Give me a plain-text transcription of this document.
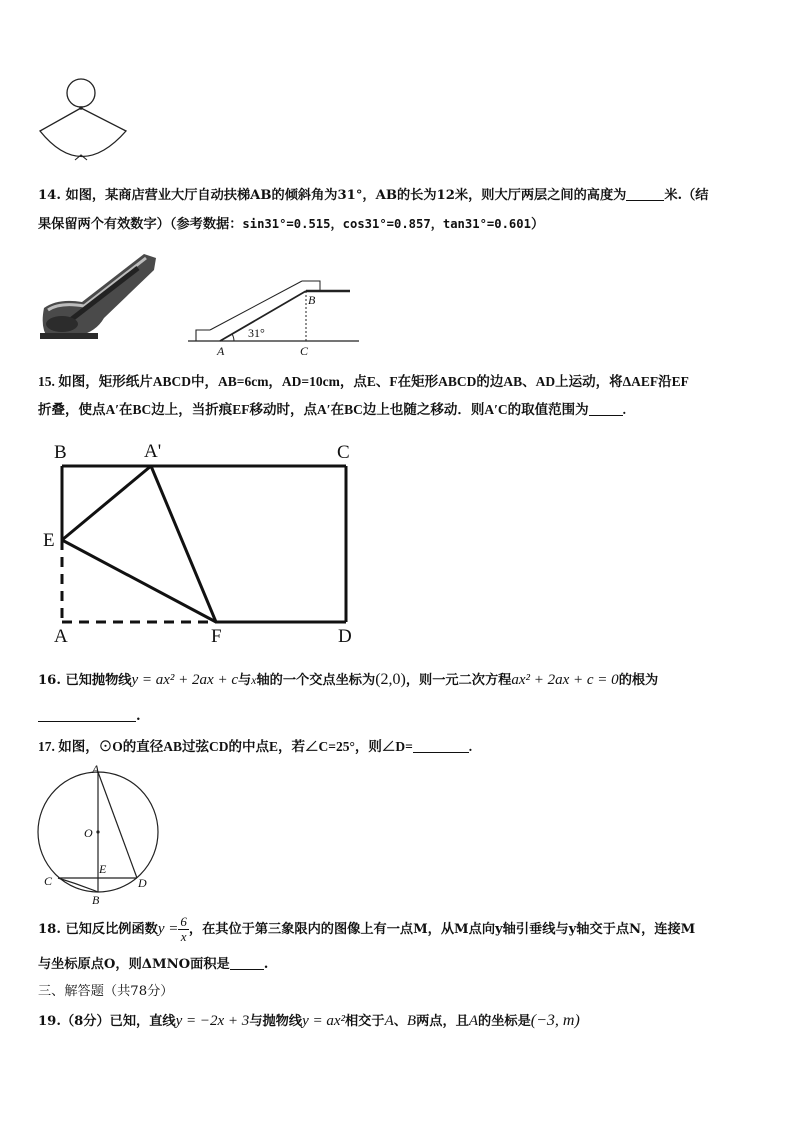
14. 如图，某商店营业大厅自动扶梯AB的倾斜角为31°，AB的长为12米，则大厅两层之间的高度为	米.（结
果保留两个有效数字）（参考数据：sin31°=0.515，cos31°=0.857，tan31°=0.601）
31°
A
B
C
15. 如图，矩形纸片ABCD中，AB=6cm，AD=10cm，点E、F在矩形ABCD的边AB、AD上运动，将ΔAEF沿EF
折叠，使点A′在BC边上，当折痕EF移动时，点A′在BC边上也随之移动．则A′C的取值范围为	.
B	A'	C
E
A	F	D
16. 已知抛物线y = ax² + 2ax + c与x轴的一个交点坐标为(2,0)，则一元二次方程ax² + 2ax + c = 0的根为
.
17. 如图，⊙O的直径AB过弦CD的中点E，若∠C=25°，则∠D=	.
A
O
E
C	D
B
18. 已知反比例函数$y = \frac{6}{x}$ ，在其位于第三象限内的图像上有一点M，从M点向y轴引垂线与y轴交于点N，连接M
与坐标原点O，则ΔMNO面积是	.
三、解答题（共78分）
19.（8分）已知，直线y = −2x + 3与抛物线y = ax²相交于A、B两点，且A的坐标是(−3, m)
